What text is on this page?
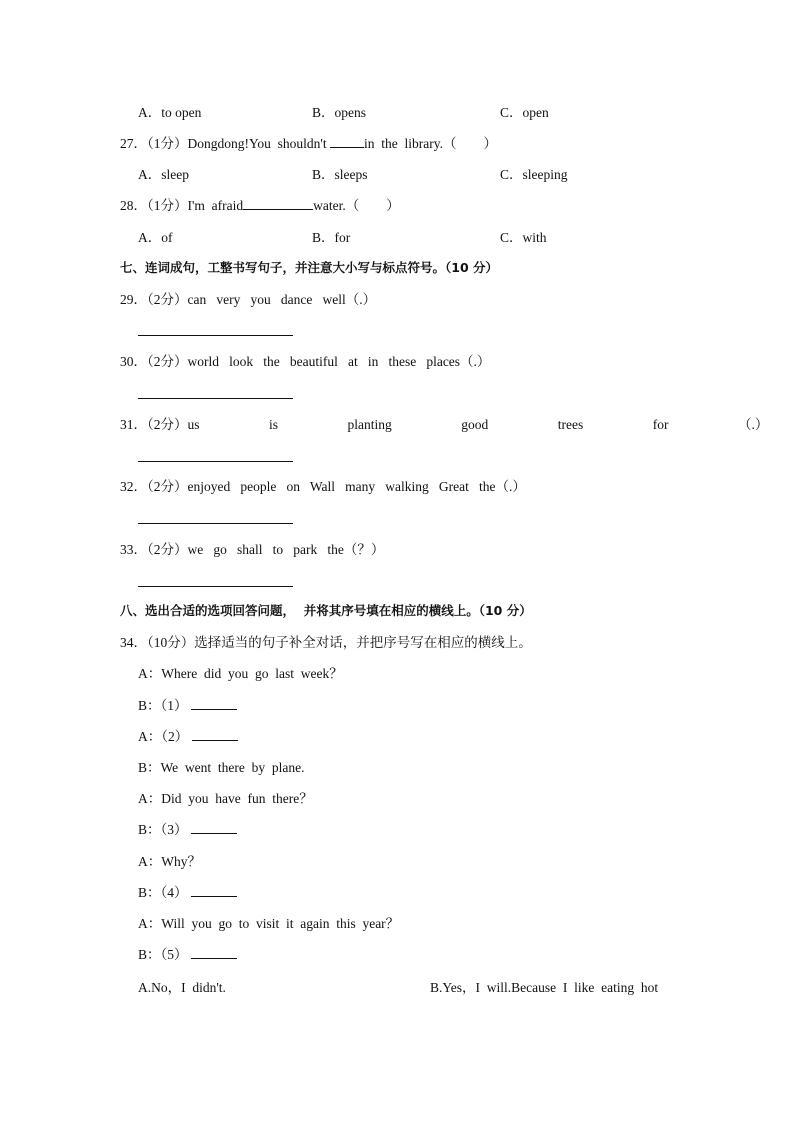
A．to open	B．opens	C．open
27．（1分）Dongdong!You  shouldn't	in  the  library.（        ）
A．sleep	B．sleeps	C．sleeping
28．（1分）I'm  afraid	water.（        ）
A．of	B．for	C．with
七、连词成句，工整书写句子，并注意大小写与标点符号。（10 分）
29．（2分）can   very   you   dance   well（.）
30．（2分）world   look   the   beautiful   at   in   these   places（.）
31．（2分）us    is    planting    good    trees    for    （.）
32．（2分）enjoyed   people   on   Wall   many   walking   Great   the（.）
33．（2分）we   go   shall   to   park   the（？）
八、选出合适的选项回答问题，  并将其序号填在相应的横线上。（10 分）
34．（10分）选择适当的句子补全对话，并把序号写在相应的横线上。
A：Where  did  you  go  last  week？
B：（1）
A：（2）
B：We  went  there  by  plane.
A：Did  you  have  fun  there？
B：（3）
A：Why？
B：（4）
A：Will  you  go  to  visit  it  again  this  year？
B：（5）
A.No，I  didn't.	B.Yes，I  will.Because  I  like  eating  hot
